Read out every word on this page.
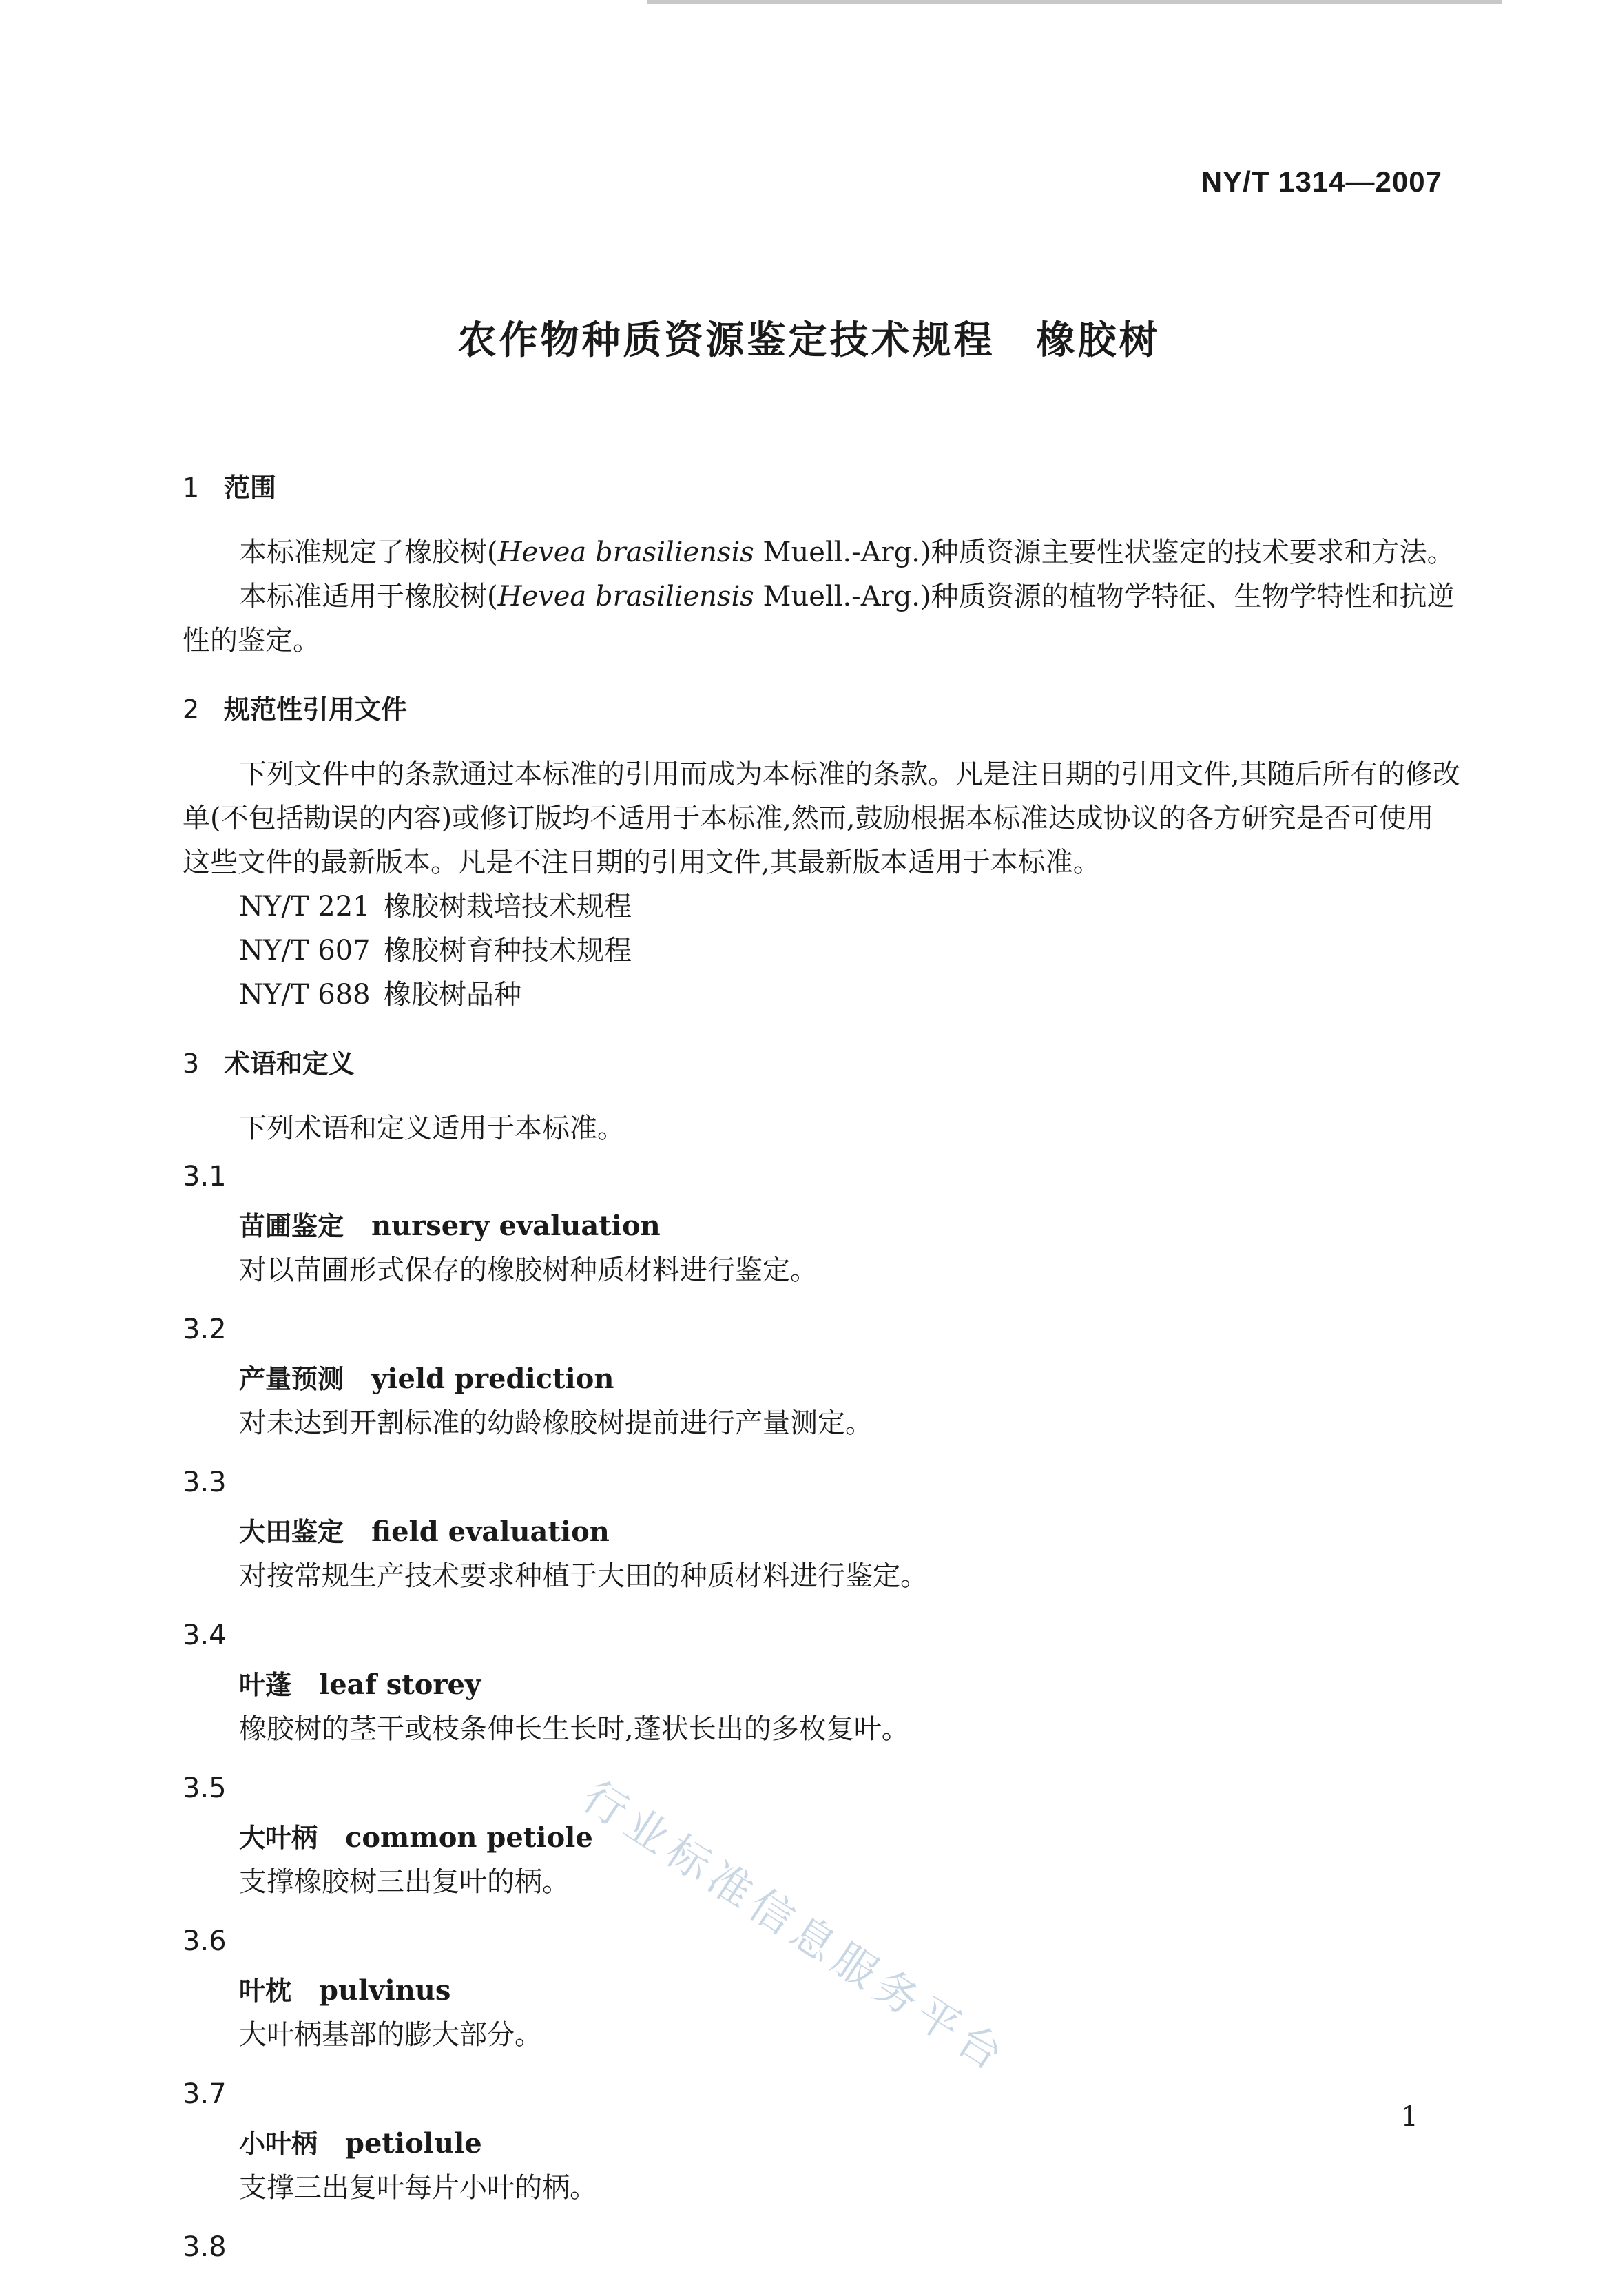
NY/T 1314—2007
农作物种质资源鉴定技术规程 橡胶树
1 范围

本标准规定了橡胶树(Hevea brasiliensis Muell.-Arg.)种质资源主要性状鉴定的技术要求和方法。

本标准适用于橡胶树(Hevea brasiliensis Muell.-Arg.)种质资源的植物学特征、生物学特性和抗逆性的鉴定。

2 规范性引用文件

下列文件中的条款通过本标准的引用而成为本标准的条款。凡是注日期的引用文件,其随后所有的修改单(不包括勘误的内容)或修订版均不适用于本标准,然而,鼓励根据本标准达成协议的各方研究是否可使用这些文件的最新版本。凡是不注日期的引用文件,其最新版本适用于本标准。

NY/T 221 橡胶树栽培技术规程

NY/T 607 橡胶树育种技术规程

NY/T 688 橡胶树品种

3 术语和定义

下列术语和定义适用于本标准。

3.1

苗圃鉴定 nursery evaluation

对以苗圃形式保存的橡胶树种质材料进行鉴定。

3.2

产量预测 yield prediction

对未达到开割标准的幼龄橡胶树提前进行产量测定。

3.3

大田鉴定 field evaluation

对按常规生产技术要求种植于大田的种质材料进行鉴定。

3.4

叶蓬 leaf storey

橡胶树的茎干或枝条伸长生长时,蓬状长出的多枚复叶。

3.5

大叶柄 common petiole

支撑橡胶树三出复叶的柄。

3.6

叶枕 pulvinus

大叶柄基部的膨大部分。

3.7

小叶柄 petiolule

支撑三出复叶每片小叶的柄。

3.8
行业标准信息服务平台
1
